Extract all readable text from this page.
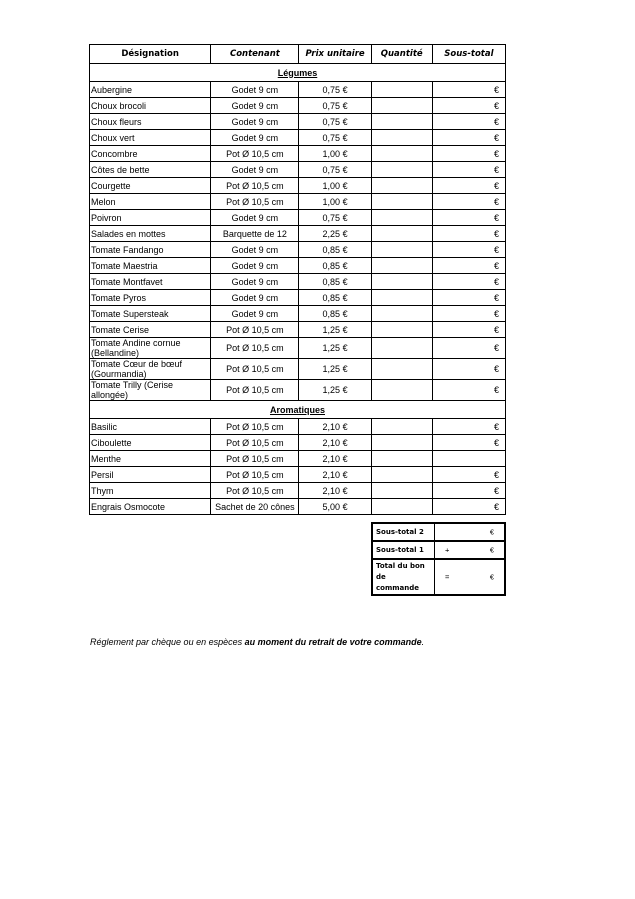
Désignation	Contenant	Prix unitaire	Quantité	Sous-total
Légumes				
Aubergine	Godet 9 cm	0,75 €		€
Choux brocoli	Godet 9 cm	0,75 €		€
Choux fleurs	Godet 9 cm	0,75 €		€
Choux vert	Godet 9 cm	0,75 €		€
Concombre	Pot Ø 10,5 cm	1,00 €		€
Côtes de bette	Godet 9 cm	0,75 €		€
Courgette	Pot Ø 10,5 cm	1,00 €		€
Melon	Pot Ø 10,5 cm	1,00 €		€
Poivron	Godet 9 cm	0,75 €		€
Salades en mottes	Barquette de 12	2,25 €		€
Tomate Fandango	Godet 9 cm	0,85 €		€
Tomate Maestria	Godet 9 cm	0,85 €		€
Tomate Montfavet	Godet 9 cm	0,85 €		€
Tomate Pyros	Godet 9 cm	0,85 €		€
Tomate Supersteak	Godet 9 cm	0,85 €		€
Tomate Cerise	Pot Ø 10,5 cm	1,25 €		€
Tomate Andine cornue (Bellandine)	Pot Ø 10,5 cm	1,25 €		€
Tomate Cœur de bœuf (Gourmandia)	Pot Ø 10,5 cm	1,25 €		€
Tomate Trilly (Cerise allongée)	Pot Ø 10,5 cm	1,25 €		€
Aromatiques				
Basilic	Pot Ø 10,5 cm	2,10 €		€
Ciboulette	Pot Ø 10,5 cm	2,10 €		€
Menthe	Pot Ø 10,5 cm	2,10 €		
Persil	Pot Ø 10,5 cm	2,10 €		€
Thym	Pot Ø 10,5 cm	2,10 €		€
Engrais Osmocote	Sachet de 20 cônes	5,00 €		€
Sous-total 2	€

Sous-total 1	+ €

Total du bon de commande	= €
Réglement par chèque ou en espèces au moment du retrait de votre commande.
